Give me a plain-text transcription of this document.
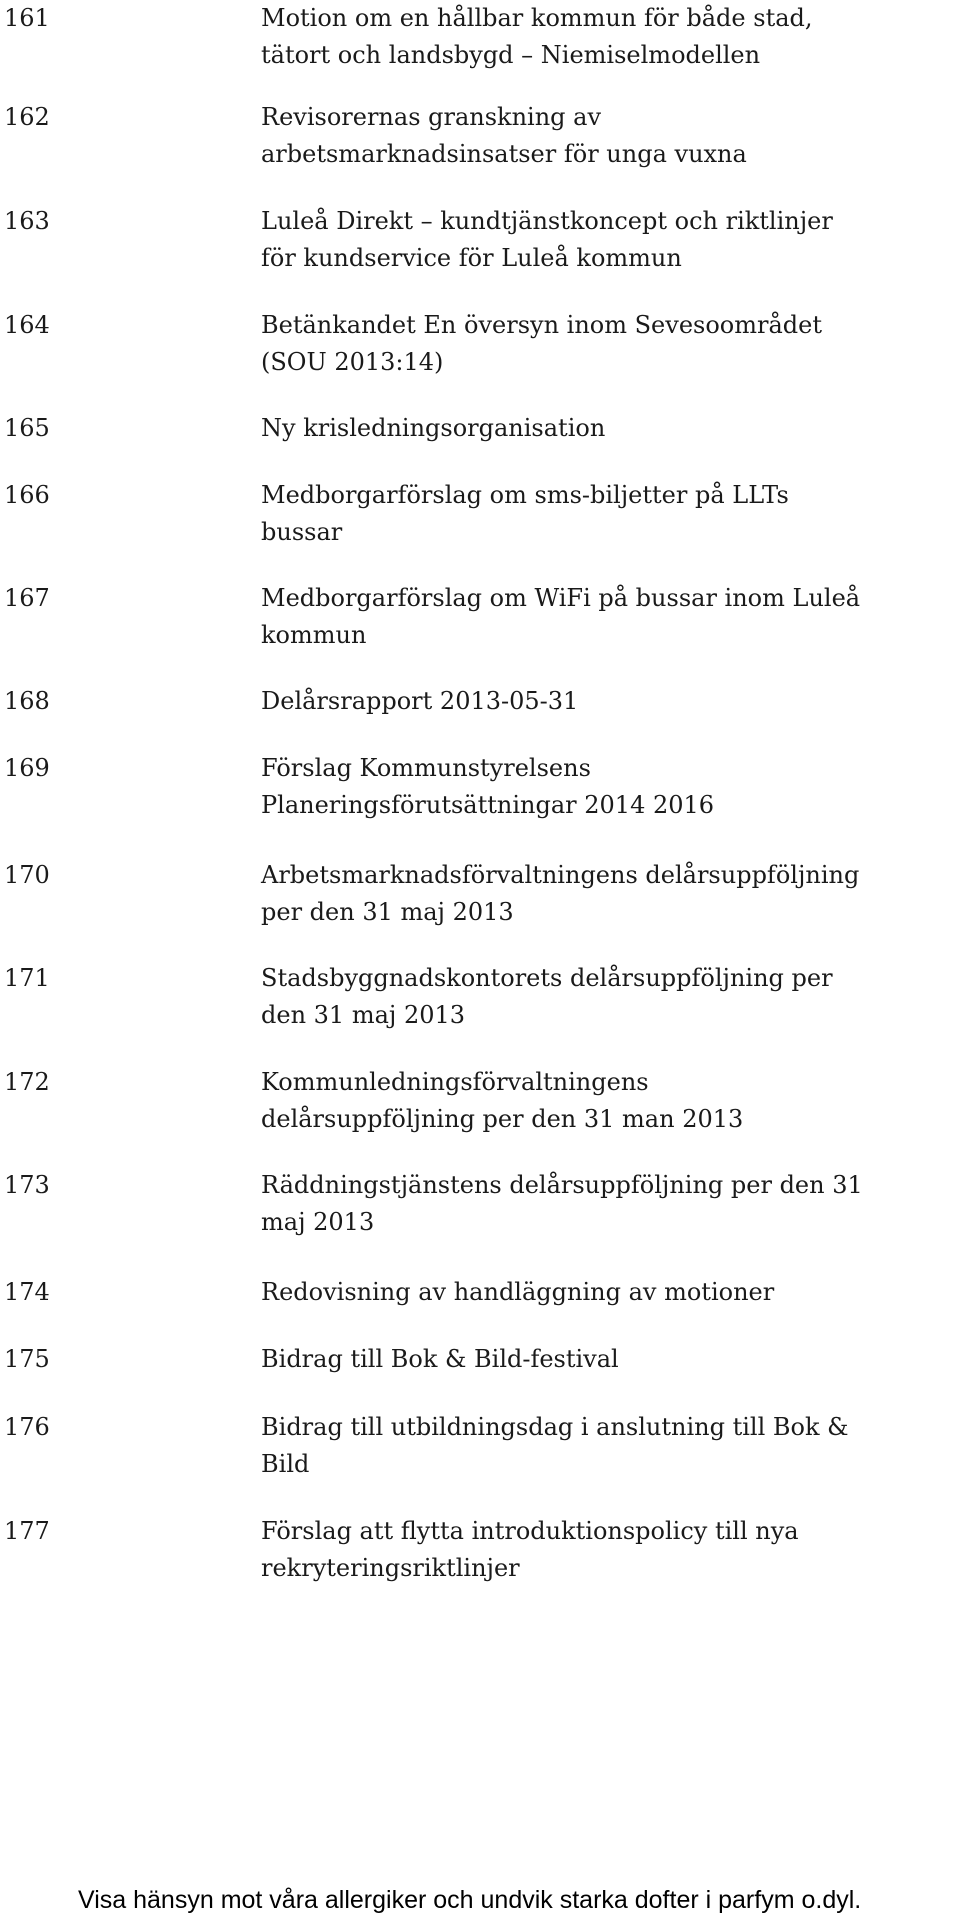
161	Motion om en hållbar kommun för både stad,
tätort och landsbygd – Niemiselmodellen
162	Revisorernas granskning av
arbetsmarknadsinsatser för unga vuxna
163	Luleå Direkt – kundtjänstkoncept och riktlinjer
för kundservice för Luleå kommun
164	Betänkandet En översyn inom Sevesoområdet
(SOU 2013:14)
165	Ny krisledningsorganisation
166	Medborgarförslag om sms-biljetter på LLTs
bussar
167	Medborgarförslag om WiFi på bussar inom Luleå
kommun
168	Delårsrapport 2013-05-31
169	Förslag Kommunstyrelsens
Planeringsförutsättningar 2014 2016
170	Arbetsmarknadsförvaltningens delårsuppföljning
per den 31 maj 2013
171	Stadsbyggnadskontorets delårsuppföljning per
den 31 maj 2013
172	Kommunledningsförvaltningens
delårsuppföljning per den 31 man 2013
173	Räddningstjänstens delårsuppföljning per den 31
maj 2013
174	Redovisning av handläggning av motioner
175	Bidrag till Bok & Bild-festival
176	Bidrag till utbildningsdag i anslutning till Bok &
Bild
177	Förslag att flytta introduktionspolicy till nya
rekryteringsriktlinjer
Visa hänsyn mot våra allergiker och undvik starka dofter i parfym o.dyl.
